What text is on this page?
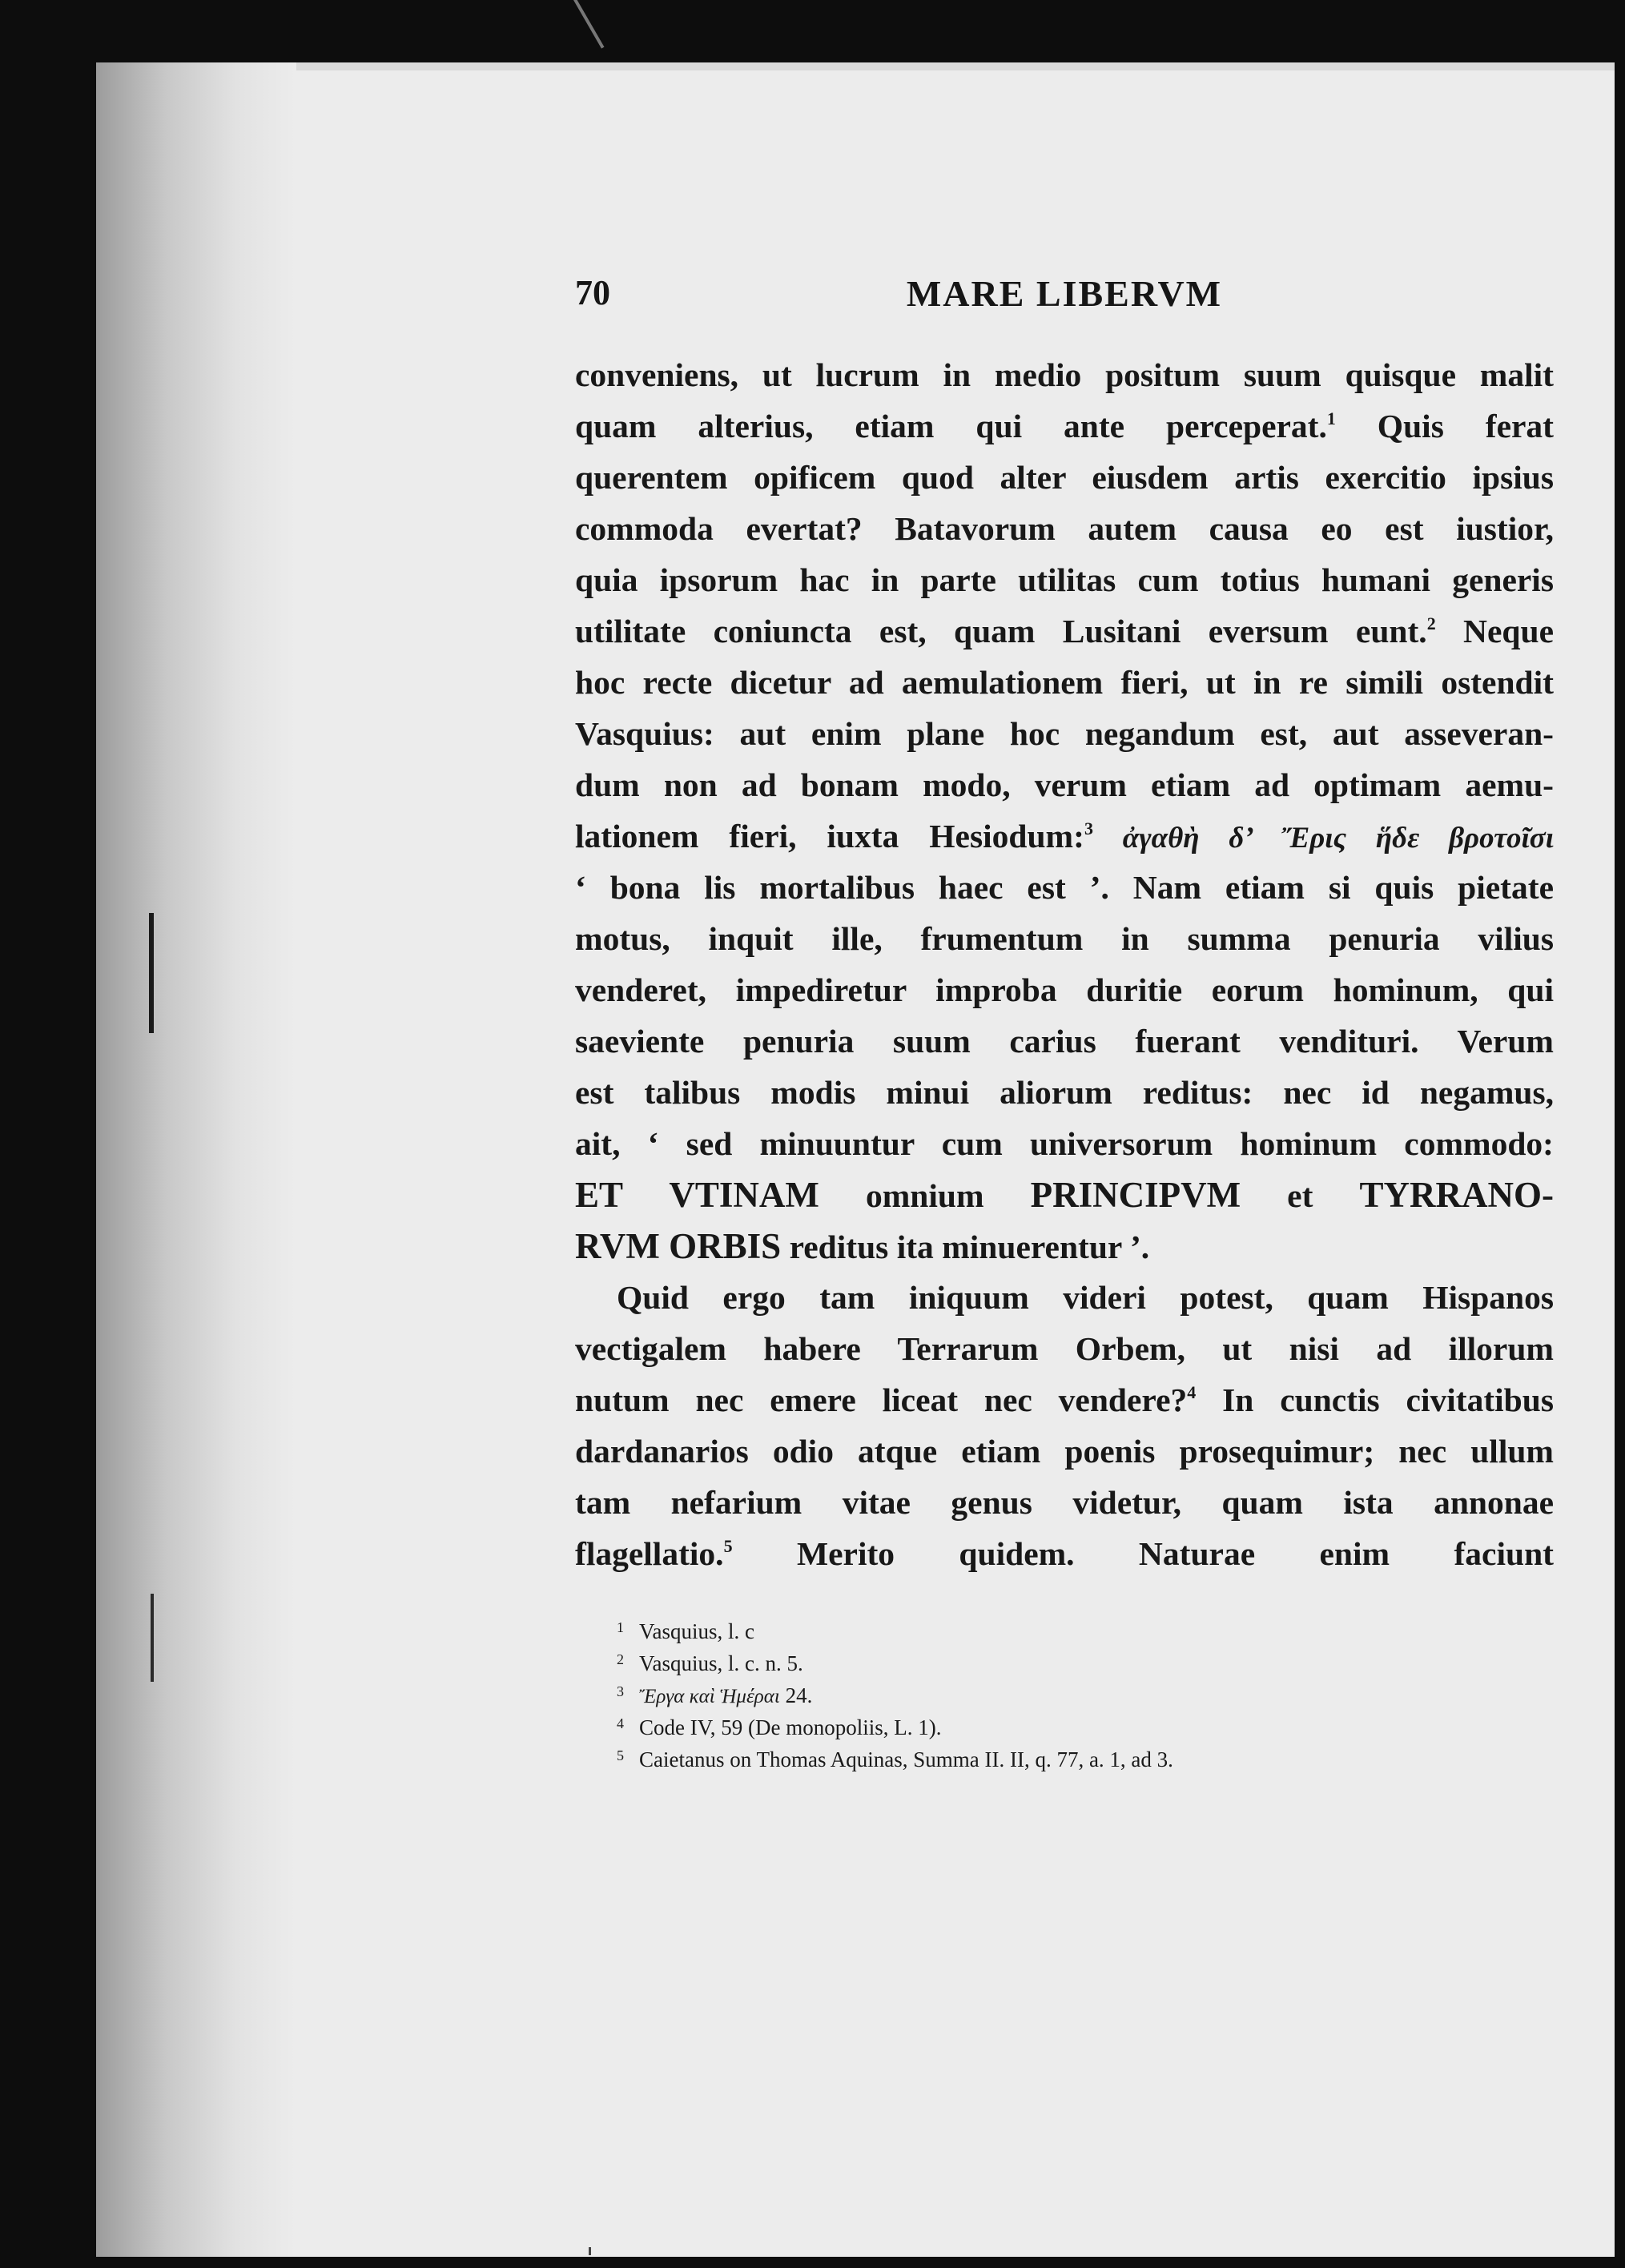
70	MARE LIBERVM
conveniens, ut lucrum in medio positum suum quisque malit
quam alterius, etiam qui ante perceperat.$^1$ Quis ferat
querentem opificem quod alter eiusdem artis exercitio ipsius
commoda evertat? Batavorum autem causa eo est iustior,
quia ipsorum hac in parte utilitas cum totius humani generis
utilitate coniuncta est, quam Lusitani eversum eunt.$^2$ Neque
hoc recte dicetur ad aemulationem fieri, ut in re simili ostendit
Vasquius: aut enim plane hoc negandum est, aut asseveran-
dum non ad bonam modo, verum etiam ad optimam aemu-
lationem fieri, iuxta Hesiodum:$^3$ ἀγαθὴ δ’ Ἔρις ἥδε βροτοῖσι
‘ bona lis mortalibus haec est ’. Nam etiam si quis pietate
motus, inquit ille, frumentum in summa penuria vilius
venderet, impediretur improba duritie eorum hominum, qui
saeviente penuria suum carius fuerant vendituri. Verum
est talibus modis minui aliorum reditus: nec id negamus,
ait, ‘ sed minuuntur cum universorum hominum commodo:
ET VTINAM omnium PRINCIPVM et TYRRANO-
RVM ORBIS reditus ita minuerentur ’.
Quid ergo tam iniquum videri potest, quam Hispanos
vectigalem habere Terrarum Orbem, ut nisi ad illorum
nutum nec emere liceat nec vendere?$^4$ In cunctis civitatibus
dardanarios odio atque etiam poenis prosequimur; nec ullum
tam nefarium vitae genus videtur, quam ista annonae
flagellatio.$^5$ Merito quidem. Naturae enim faciunt
1 Vasquius, l. c
2 Vasquius, l. c. n. 5.
3 Ἔργα καὶ Ἡμέραι 24.
4 Code IV, 59 (De monopoliis, L. 1).
5 Caietanus on Thomas Aquinas, Summa II. II, q. 77, a. 1, ad 3.
